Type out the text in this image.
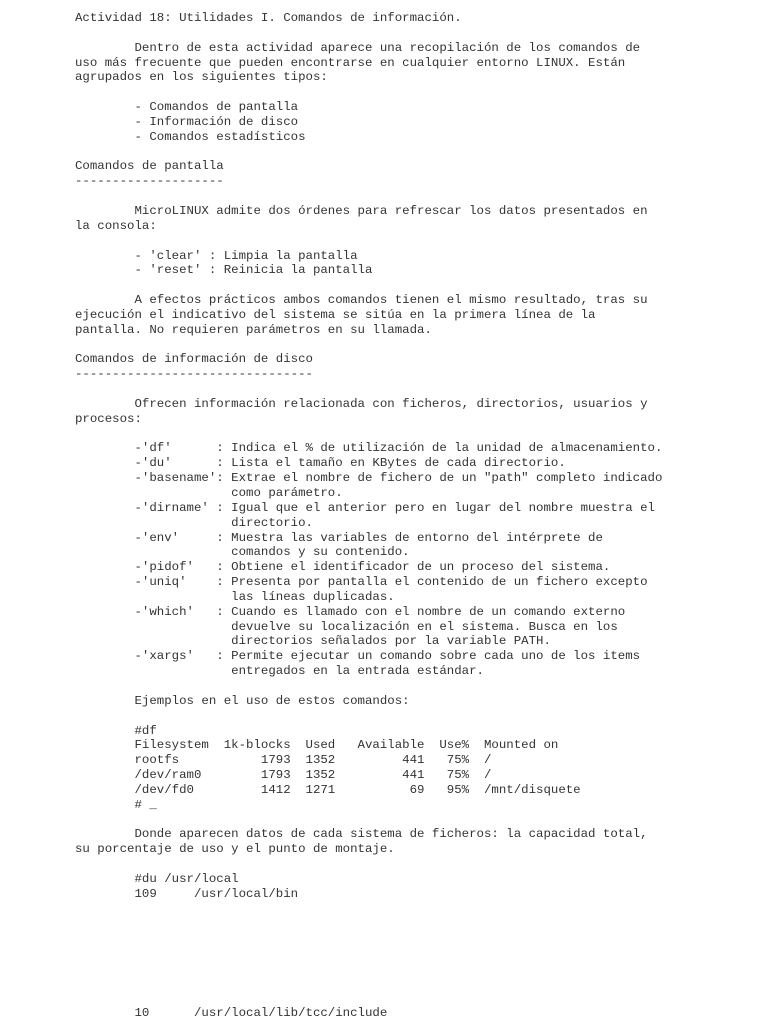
Actividad 18: Utilidades I. Comandos de información.
Dentro de esta actividad aparece una recopilación de los comandos de
uso más frecuente que pueden encontrarse en cualquier entorno LINUX. Están
agrupados en los siguientes tipos:
- Comandos de pantalla
- Información de disco
- Comandos estadísticos
Comandos de pantalla
--------------------
MicroLINUX admite dos órdenes para refrescar los datos presentados en
la consola:
- 'clear' : Limpia la pantalla
- 'reset' : Reinicia la pantalla
A efectos prácticos ambos comandos tienen el mismo resultado, tras su
ejecución el indicativo del sistema se sitúa en la primera línea de la
pantalla. No requieren parámetros en su llamada.
Comandos de información de disco
--------------------------------
Ofrecen información relacionada con ficheros, directorios, usuarios y
procesos:
-'df'      : Indica el % de utilización de la unidad de almacenamiento.
-'du'      : Lista el tamaño en KBytes de cada directorio.
-'basename': Extrae el nombre de fichero de un "path" completo indicado
como parámetro.
-'dirname' : Igual que el anterior pero en lugar del nombre muestra el
directorio.
-'env'     : Muestra las variables de entorno del intérprete de
comandos y su contenido.
-'pidof'   : Obtiene el identificador de un proceso del sistema.
-'uniq'    : Presenta por pantalla el contenido de un fichero excepto
las líneas duplicadas.
-'which'   : Cuando es llamado con el nombre de un comando externo
devuelve su localización en el sistema. Busca en los
directorios señalados por la variable PATH.
-'xargs'   : Permite ejecutar un comando sobre cada uno de los items
entregados en la entrada estándar.
Ejemplos en el uso de estos comandos:
#df
Filesystem  1k-blocks  Used   Available  Use%  Mounted on
rootfs           1793  1352         441   75%  /
/dev/ram0        1793  1352         441   75%  /
/dev/fd0         1412  1271          69   95%  /mnt/disquete
# _
Donde aparecen datos de cada sistema de ficheros: la capacidad total,
su porcentaje de uso y el punto de montaje.
#du /usr/local
109     /usr/local/bin
10      /usr/local/lib/tcc/include
